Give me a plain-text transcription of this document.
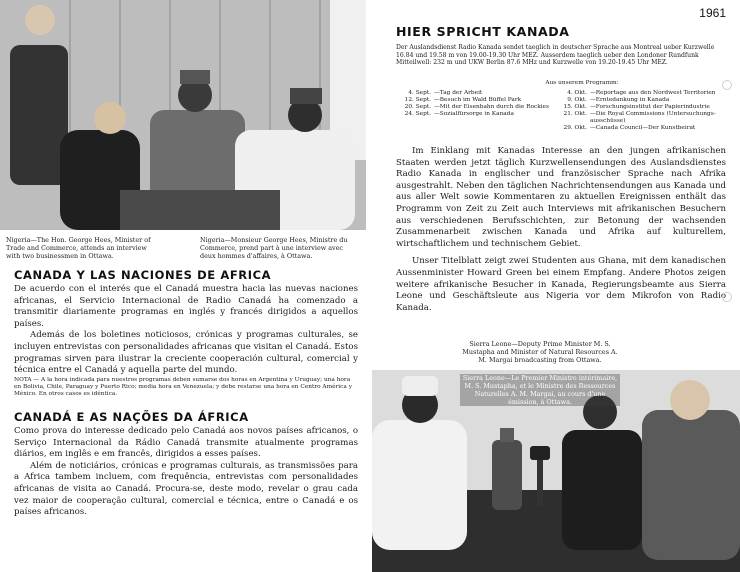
Nigeria—The Hon. George Hees, Minister of Trade and Commerce, attends an interview with two businessmen in Ottawa.
Nigeria—Monsieur George Hees, Ministre du Commerce, prend part à une interview avec deux hommes d'affaires, à Ottawa.
CANADA Y LAS NACIONES DE AFRICA

De acuerdo con el interés que el Canadá muestra hacia las nuevas naciones africanas, el Servicio Internacional de Radio Canadá ha comenzado a transmitir diariamente programas en inglés y francés dirigidos a aquellos países.

Además de los boletines noticiosos, crónicas y programas culturales, se incluyen entrevistas con personalidades africanas que visitan el Canadá. Estos programas sirven para ilustrar la creciente cooperación cultural, comercial y técnica entre el Canadá y aquella parte del mundo.

NOTA — A la hora indicada para nuestros programas deben sumarse dos horas en Argentina y Uruguay; una hora en Bolivia, Chile, Paraguay y Puerto Rico; media hora en Venezuela; y debe restarse una hora en Centro América y México. En otros casos es idéntica.
CANADÁ E AS NAÇÕES DA ÁFRICA

Como prova do interesse dedicado pelo Canadá aos novos países africanos, o Serviço Internacional da Rádio Canadá transmite atualmente programas diários, em inglês e em francês, dirigidos a esses países.

Além de noticiários, crónicas e programas culturais, as transmissões para a Africa tambem incluem, com frequência, entrevistas com personalidades africanas de visita ao Canadá. Procura-se, deste modo, revelar o grau cada vez maior de cooperação cultural, comercial e técnica, entre o Canadá e os países africanos.

HIER SPRICHT KANADA
Der Auslandsdienst Radio Kanada sendet taeglich in deutscher Sprache aus Montreal ueber Kurzwelle 16.84 und 19.58 m von 19.00-19.30 Uhr MEZ. Ausserdem taeglich ueber den Londoner Rundfunk Mitteilwell: 232 m und UKW Berlin 87.6 MHz und Kurzwelle von 19.20-19.45 Uhr MEZ.
Aus unserem Programm:
4. Sept. —Tag der Arbeit
12. Sept. —Besuch im Wald Büffel Park
20. Sept. —Mit der Eisenbahn durch die Rockies
24. Sept. —Sozialfürsorge in Kanada
4. Okt. —Reportage aus den Nordwest Territorien
9. Okt. —Erntedankung in Kanada
15. Okt. —Forschungsinstitut der Papierindustrie
21. Okt. —Die Royal Commissions (Untersuchungs-
ausschüsse)
29. Okt. —Canada Council—Der Kunstbeirat

Im Einklang mit Kanadas Interesse an den jungen afrikanischen Staaten werden jetzt täglich Kurzwellensendungen des Auslandsdienstes Radio Kanada in englischer und französischer Sprache nach Afrika ausgestrahlt. Neben den täglichen Nachrichtensendungen aus Kanada und aus aller Welt sowie Kommentaren zu aktuellen Ereignissen enthält das Programm von Zeit zu Zeit auch Interviews mit afrikanischen Besuchern aus verschiedenen Berufsschichten, zur Betonung der wachsenden Zusammenarbeit zwischen Kanada und Afrika auf kulturellem, wirtschaftlichem und technischem Gebiet.

Unser Titelblatt zeigt zwei Studenten aus Ghana, mit dem kanadischen Aussenminister Howard Green bei einem Empfang. Andere Photos zeigen weitere afrikanische Besucher in Kanada, Regierungsbeamte aus Sierra Leone und Geschäftsleute aus Nigeria vor dem Mikrofon von Radio Kanada.

Sierra Leone—Deputy Prime Minister M. S. Mustapha and Minister of Natural Resources A. M. Margai broadcasting from Ottawa.
Sierra Leone—Le Premier Ministre intérimaire, M. S. Mustapha, et le Ministre des Ressources Naturelles A. M. Margai, au cours d'une émission, à Ottawa.
1961
